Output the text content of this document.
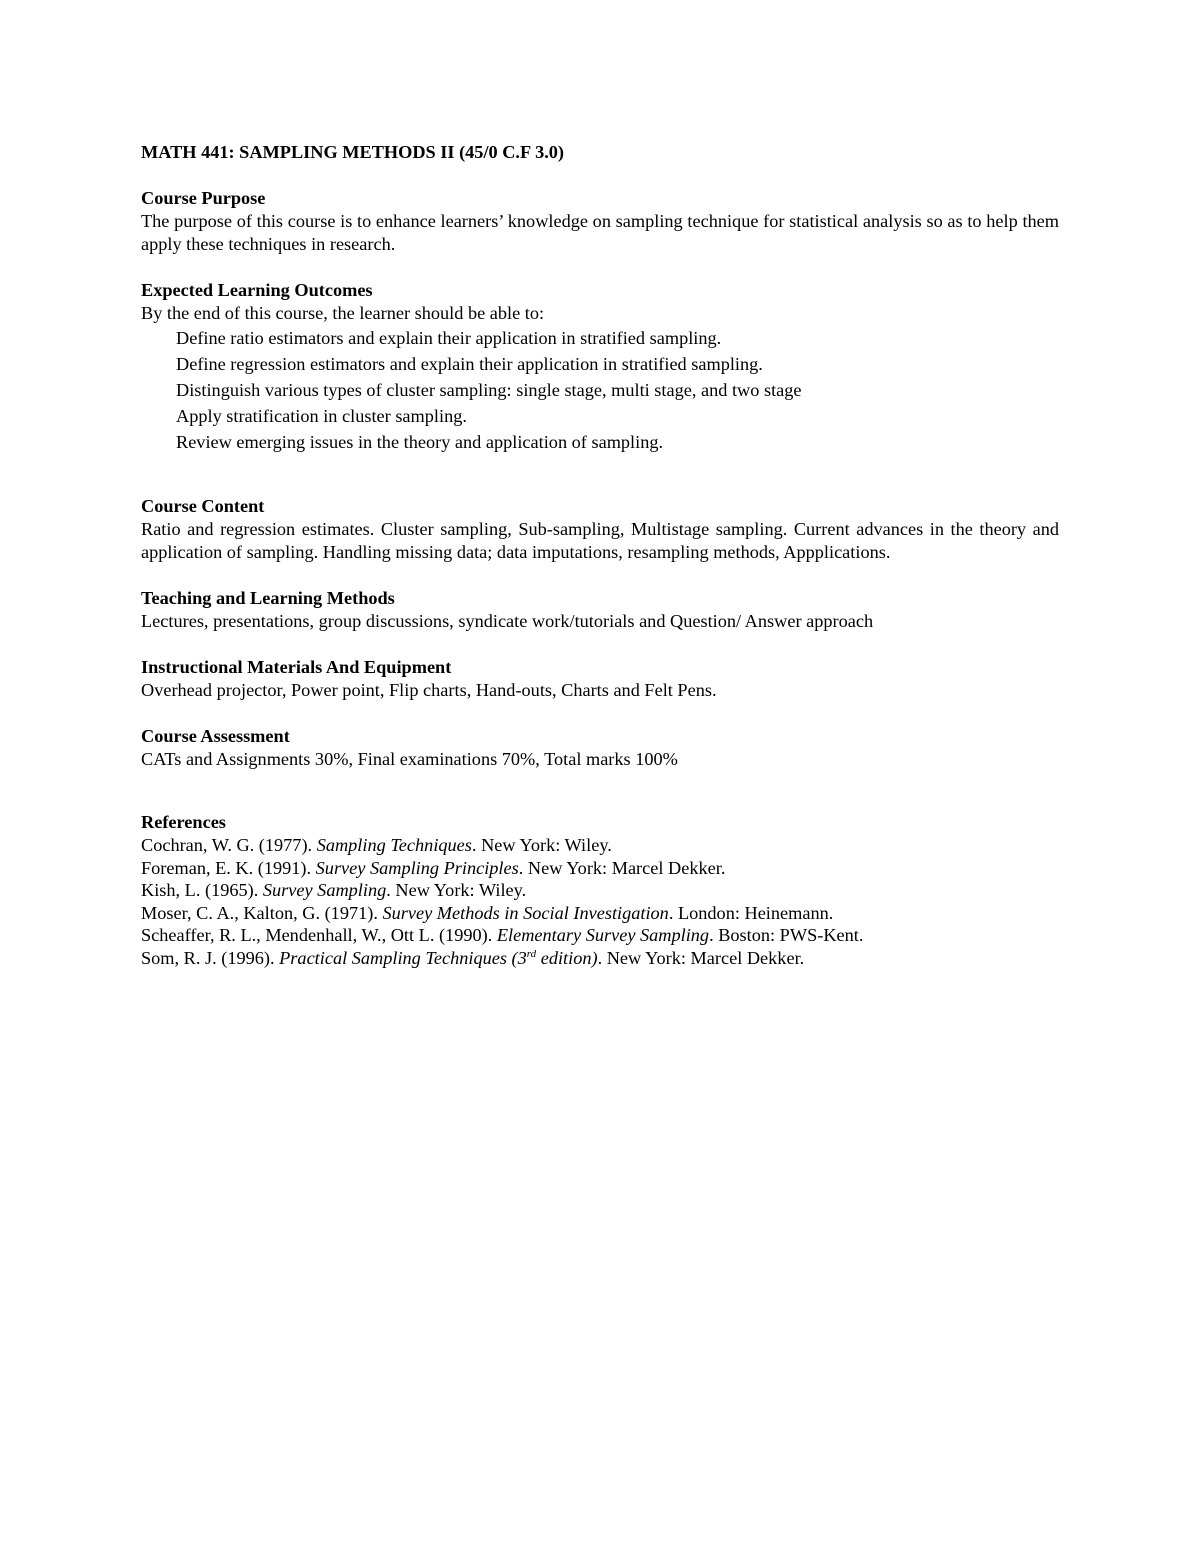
MATH 441: SAMPLING METHODS II (45/0 C.F 3.0)

Course Purpose

The purpose of this course is to enhance learners’ knowledge on sampling technique for statistical analysis so as to help them apply these techniques in research.

Expected Learning Outcomes

By the end of this course, the learner should be able to:

Define ratio estimators and explain their application in stratified sampling.
Define regression estimators and explain their application in stratified sampling.
Distinguish various types of cluster sampling: single stage, multi stage, and two stage
Apply stratification in cluster sampling.
Review emerging issues in the theory and application of sampling.

Course Content

Ratio and regression estimates. Cluster sampling, Sub-sampling, Multistage sampling. Current advances in the theory and application of sampling. Handling missing data; data imputations, resampling methods, Appplications.

Teaching and Learning Methods

Lectures, presentations, group discussions, syndicate work/tutorials and Question/ Answer approach

Instructional Materials And Equipment

Overhead projector, Power point, Flip charts, Hand-outs, Charts and Felt Pens.

Course Assessment

CATs and Assignments 30%, Final examinations 70%, Total marks 100%

References

Cochran, W. G. (1977). Sampling Techniques. New York: Wiley.
Foreman, E. K. (1991). Survey Sampling Principles. New York: Marcel Dekker.
Kish, L. (1965). Survey Sampling. New York: Wiley.
Moser, C. A., Kalton, G. (1971). Survey Methods in Social Investigation. London: Heinemann.
Scheaffer, R. L., Mendenhall, W., Ott L. (1990). Elementary Survey Sampling. Boston: PWS-Kent.
Som, R. J. (1996). Practical Sampling Techniques (3rd edition). New York: Marcel Dekker.
